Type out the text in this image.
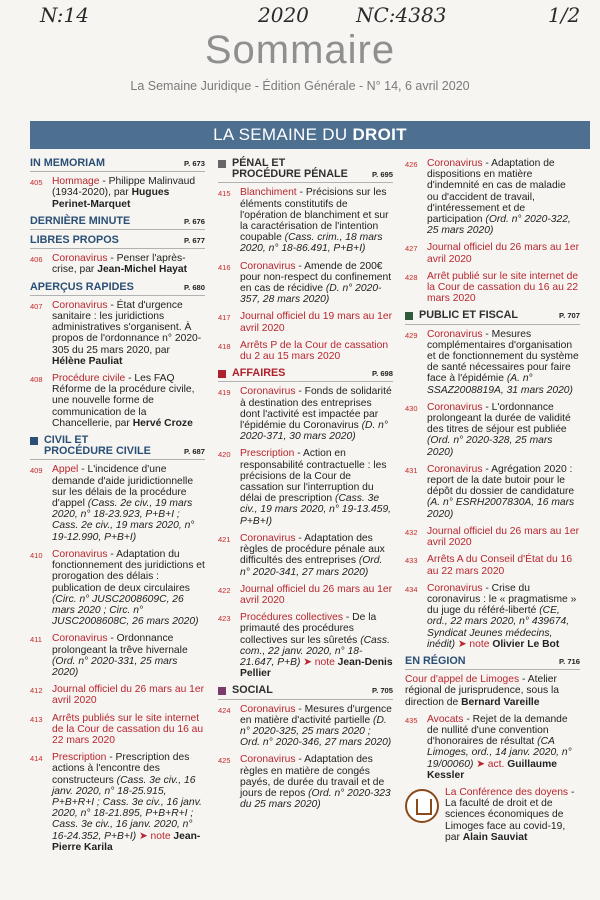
N:14	2020 NC:4383	1/2
Sommaire
La Semaine Juridique - Édition Générale - N° 14, 6 avril 2020
LA SEMAINE DU DROIT
IN MEMORIAM	P. 673
405 Hommage - Philippe Malinvaud (1934-2020), par Hugues Perinet-Marquet
DERNIÈRE MINUTE	P. 676
LIBRES PROPOS	P. 677
406 Coronavirus - Penser l'après-crise, par Jean-Michel Hayat
APERÇUS RAPIDES	P. 680
407 Coronavirus - État d'urgence sanitaire : les juridictions administratives s'organisent. À propos de l'ordonnance n° 2020-305 du 25 mars 2020, par Hélène Pauliat
408 Procédure civile - Les FAQ Réforme de la procédure civile, une nouvelle forme de communication de la Chancellerie, par Hervé Croze
CIVIL ET
PROCÉDURE CIVILE	P. 687
409 Appel - L'incidence d'une demande d'aide juridictionnelle sur les délais de la procédure d'appel (Cass. 2e civ., 19 mars 2020, n° 18-23.923, P+B+I ; Cass. 2e civ., 19 mars 2020, n° 19-12.990, P+B+I)
410 Coronavirus - Adaptation du fonctionnement des juridictions et prorogation des délais : publication de deux circulaires (Circ. n° JUSC2008609C, 26 mars 2020 ; Circ. n° JUSC2008608C, 26 mars 2020)
411 Coronavirus - Ordonnance prolongeant la trêve hivernale (Ord. n° 2020-331, 25 mars 2020)
412 Journal officiel du 26 mars au 1er avril 2020
413 Arrêts publiés sur le site internet de la Cour de cassation du 16 au 22 mars 2020
414 Prescription - Prescription des actions à l'encontre des constructeurs (Cass. 3e civ., 16 janv. 2020, n° 18-25.915, P+B+R+I ; Cass. 3e civ., 16 janv. 2020, n° 18-21.895, P+B+R+I ; Cass. 3e civ., 16 janv. 2020, n° 16-24.352, P+B+I) ➤ note Jean-Pierre Karila
PÉNAL ET
PROCÉDURE PÉNALE	P. 695
415 Blanchiment - Précisions sur les éléments constitutifs de l'opération de blanchiment et sur la caractérisation de l'intention coupable (Cass. crim., 18 mars 2020, n° 18-86.491, P+B+I)
416 Coronavirus - Amende de 200€ pour non-respect du confinement en cas de récidive (D. n° 2020-357, 28 mars 2020)
417 Journal officiel du 19 mars au 1er avril 2020
418 Arrêts P de la Cour de cassation du 2 au 15 mars 2020
AFFAIRES	P. 698
419 Coronavirus - Fonds de solidarité à destination des entreprises dont l'activité est impactée par l'épidémie du Coronavirus (D. n° 2020-371, 30 mars 2020)
420 Prescription - Action en responsabilité contractuelle : les précisions de la Cour de cassation sur l'interruption du délai de prescription (Cass. 3e civ., 19 mars 2020, n° 19-13.459, P+B+I)
421 Coronavirus - Adaptation des règles de procédure pénale aux difficultés des entreprises (Ord. n° 2020-341, 27 mars 2020)
422 Journal officiel du 26 mars au 1er avril 2020
423 Procédures collectives - De la primauté des procédures collectives sur les sûretés (Cass. com., 22 janv. 2020, n° 18-21.647, P+B) ➤ note Jean-Denis Pellier
SOCIAL	P. 705
424 Coronavirus - Mesures d'urgence en matière d'activité partielle (D. n° 2020-325, 25 mars 2020 ; Ord. n° 2020-346, 27 mars 2020)
425 Coronavirus - Adaptation des règles en matière de congés payés, de durée du travail et de jours de repos (Ord. n° 2020-323 du 25 mars 2020)
426 Coronavirus - Adaptation de dispositions en matière d'indemnité en cas de maladie ou d'accident de travail, d'intéressement et de participation (Ord. n° 2020-322, 25 mars 2020)
427 Journal officiel du 26 mars au 1er avril 2020
428 Arrêt publié sur le site internet de la Cour de cassation du 16 au 22 mars 2020
PUBLIC ET FISCAL	P. 707
429 Coronavirus - Mesures complémentaires d'organisation et de fonctionnement du système de santé nécessaires pour faire face à l'épidémie (A. n° SSAZ2008819A, 31 mars 2020)
430 Coronavirus - L'ordonnance prolongeant la durée de validité des titres de séjour est publiée (Ord. n° 2020-328, 25 mars 2020)
431 Coronavirus - Agrégation 2020 : report de la date butoir pour le dépôt du dossier de candidature (A. n° ESRH2007830A, 16 mars 2020)
432 Journal officiel du 26 mars au 1er avril 2020
433 Arrêts A du Conseil d'État du 16 au 22 mars 2020
434 Coronavirus - Crise du coronavirus : le « pragmatisme » du juge du référé-liberté (CE, ord., 22 mars 2020, n° 439674, Syndicat Jeunes médecins, inédit) ➤ note Olivier Le Bot
EN RÉGION	P. 716
Cour d'appel de Limoges - Atelier régional de jurisprudence, sous la direction de Bernard Vareille
435 Avocats - Rejet de la demande de nullité d'une convention d'honoraires de résultat (CA Limoges, ord., 14 janv. 2020, n° 19/00060) ➤ act. Guillaume Kessler
La Conférence des doyens - La faculté de droit et de sciences économiques de Limoges face au covid-19, par Alain Sauviat
